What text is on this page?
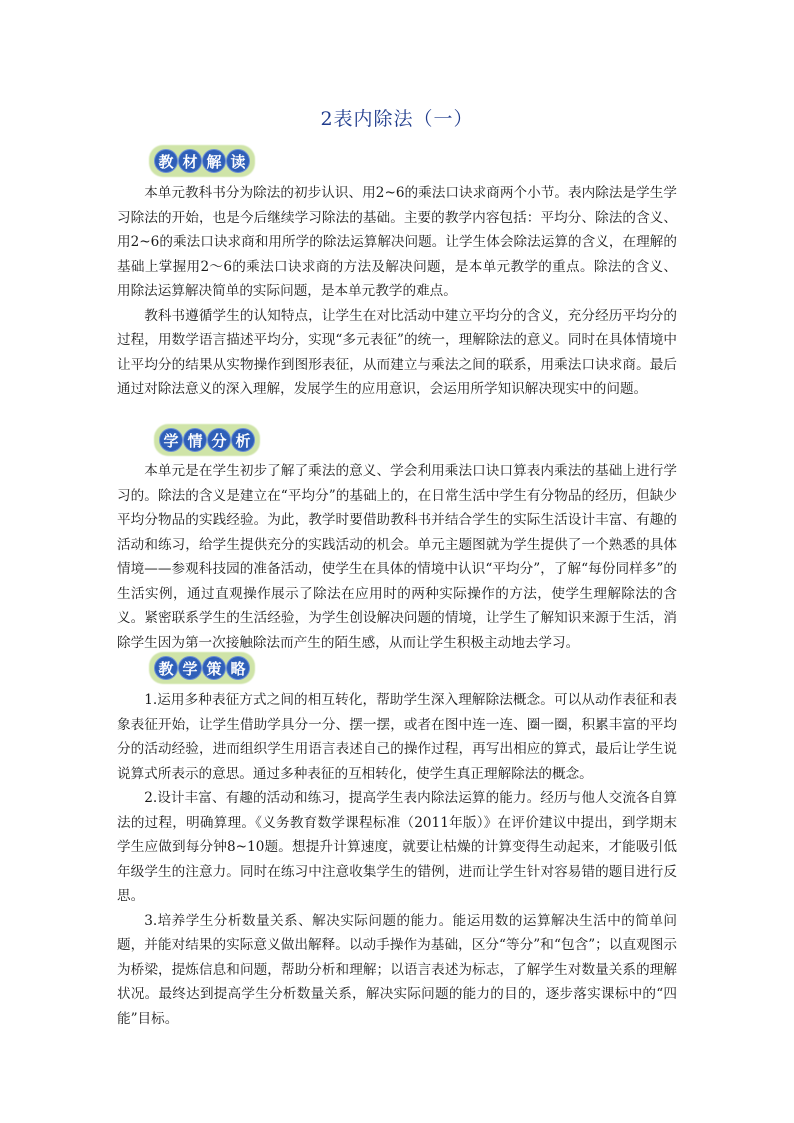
2表内除法（一）
教 材 解 读

本单元教科书分为除法的初步认识、用2~6的乘法口诀求商两个小节。表内除法是学生学习除法的开始，也是今后继续学习除法的基础。主要的教学内容包括：平均分、除法的含义、用2~6的乘法口诀求商和用所学的除法运算解决问题。让学生体会除法运算的含义，在理解的基础上掌握用2～6的乘法口诀求商的方法及解决问题，是本单元教学的重点。除法的含义、用除法运算解决简单的实际问题，是本单元教学的难点。

教科书遵循学生的认知特点，让学生在对比活动中建立平均分的含义，充分经历平均分的过程，用数学语言描述平均分，实现“多元表征”的统一，理解除法的意义。同时在具体情境中让平均分的结果从实物操作到图形表征，从而建立与乘法之间的联系，用乘法口诀求商。最后通过对除法意义的深入理解，发展学生的应用意识，会运用所学知识解决现实中的问题。

学 情 分 析

本单元是在学生初步了解了乘法的意义、学会利用乘法口诀口算表内乘法的基础上进行学习的。除法的含义是建立在“平均分”的基础上的，在日常生活中学生有分物品的经历，但缺少平均分物品的实践经验。为此，教学时要借助教科书并结合学生的实际生活设计丰富、有趣的活动和练习，给学生提供充分的实践活动的机会。单元主题图就为学生提供了一个熟悉的具体情境——参观科技园的准备活动，使学生在具体的情境中认识“平均分”，了解“每份同样多”的生活实例，通过直观操作展示了除法在应用时的两种实际操作的方法，使学生理解除法的含义。紧密联系学生的生活经验，为学生创设解决问题的情境，让学生了解知识来源于生活，消除学生因为第一次接触除法而产生的陌生感，从而让学生积极主动地去学习。

教 学 策 略

1.运用多种表征方式之间的相互转化，帮助学生深入理解除法概念。可以从动作表征和表象表征开始，让学生借助学具分一分、摆一摆，或者在图中连一连、圈一圈，积累丰富的平均分的活动经验，进而组织学生用语言表述自己的操作过程，再写出相应的算式，最后让学生说说算式所表示的意思。通过多种表征的互相转化，使学生真正理解除法的概念。

2.设计丰富、有趣的活动和练习，提高学生表内除法运算的能力。经历与他人交流各自算法的过程，明确算理。《义务教育数学课程标准（2011年版）》在评价建议中提出，到学期末学生应做到每分钟8~10题。想提升计算速度，就要让枯燥的计算变得生动起来，才能吸引低年级学生的注意力。同时在练习中注意收集学生的错例，进而让学生针对容易错的题目进行反思。

3.培养学生分析数量关系、解决实际问题的能力。能运用数的运算解决生活中的简单问题，并能对结果的实际意义做出解释。以动手操作为基础，区分“等分”和“包含”；以直观图示为桥梁，提炼信息和问题，帮助分析和理解；以语言表述为标志，了解学生对数量关系的理解状况。最终达到提高学生分析数量关系，解决实际问题的能力的目的，逐步落实课标中的“四能”目标。
